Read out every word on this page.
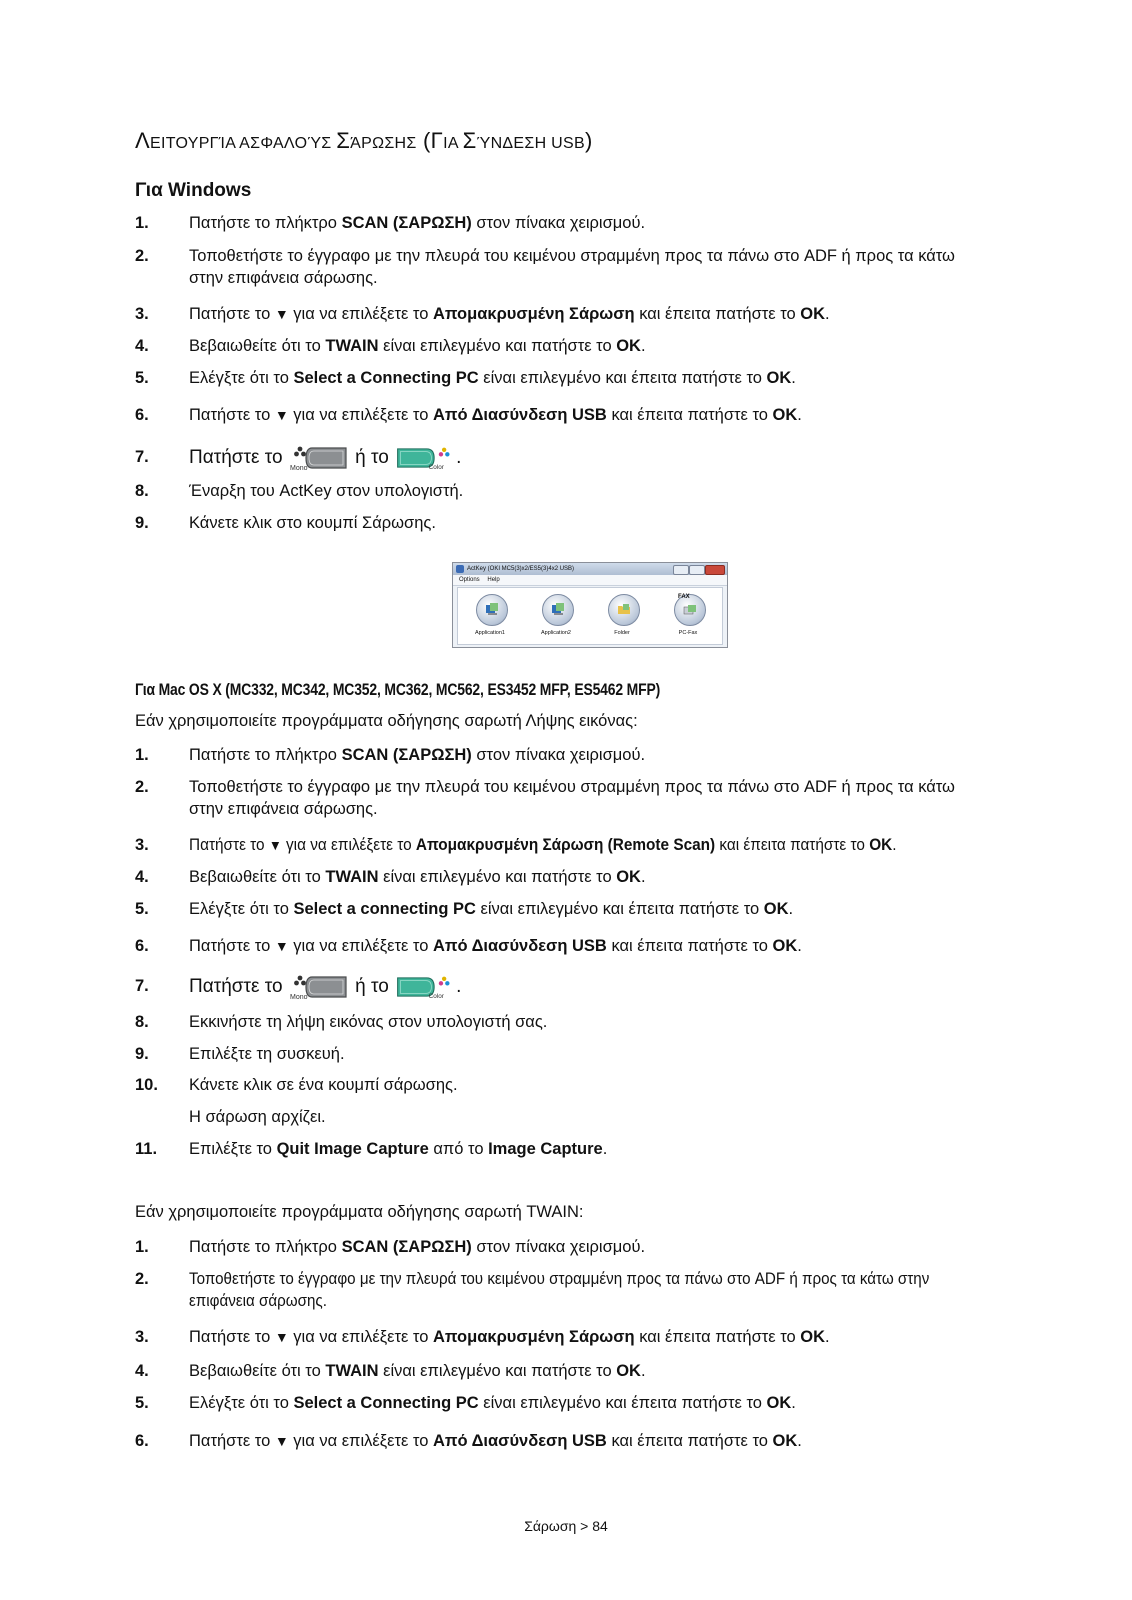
ΛΕΙΤΟΥΡΓΊΑ ΑΣΦΑΛΟΎΣ ΣΆΡΩΣΗΣ (ΓΙΑ ΣΎΝΔΕΣΗ USB)
Για Windows
1. Πατήστε το πλήκτρο SCAN (ΣΑΡΩΣΗ) στον πίνακα χειρισμού.
2. Τοποθετήστε το έγγραφο με την πλευρά του κειμένου στραμμένη προς τα πάνω στο ADF ή προς τα κάτω στην επιφάνεια σάρωσης.
3. Πατήστε το ▼ για να επιλέξετε το Απομακρυσμένη Σάρωση και έπειτα πατήστε το OK.
4. Βεβαιωθείτε ότι το TWAIN είναι επιλεγμένο και πατήστε το OK.
5. Ελέγξτε ότι το Select a Connecting PC είναι επιλεγμένο και έπειτα πατήστε το OK.
6. Πατήστε το ▼ για να επιλέξετε το Από Διασύνδεση USB και έπειτα πατήστε το OK.
7. Πατήστε το
Mono
ή το	Color .
8. Έναρξη του ActKey στον υπολογιστή.
9. Κάνετε κλικ στο κουμπί Σάρωσης.
ActKey (OKI MC5(3)x2/ES5(3)4x2 USB)
Options Help
Application1	Application2	Folder
FAX
PC-Fax
Για Mac OS X (MC332, MC342, MC352, MC362, MC562, ES3452 MFP, ES5462 MFP)
Εάν χρησιμοποιείτε προγράμματα οδήγησης σαρωτή Λήψης εικόνας:
1. Πατήστε το πλήκτρο SCAN (ΣΑΡΩΣΗ) στον πίνακα χειρισμού.
2. Τοποθετήστε το έγγραφο με την πλευρά του κειμένου στραμμένη προς τα πάνω στο ADF ή προς τα κάτω στην επιφάνεια σάρωσης.
3. Πατήστε το ▼ για να επιλέξετε το Απομακρυσμένη Σάρωση (Remote Scan) και έπειτα πατήστε το OK.
4. Βεβαιωθείτε ότι το TWAIN είναι επιλεγμένο και πατήστε το OK.
5. Ελέγξτε ότι το Select a connecting PC είναι επιλεγμένο και έπειτα πατήστε το OK.
6. Πατήστε το ▼ για να επιλέξετε το Από Διασύνδεση USB και έπειτα πατήστε το OK.
7. Πατήστε το
Mono
ή το	Color .
8. Εκκινήστε τη λήψη εικόνας στον υπολογιστή σας.
9. Επιλέξτε τη συσκευή.
10. Κάνετε κλικ σε ένα κουμπί σάρωσης.
Η σάρωση αρχίζει.
11. Επιλέξτε το Quit Image Capture από το Image Capture.
Εάν χρησιμοποιείτε προγράμματα οδήγησης σαρωτή TWAIN:
1. Πατήστε το πλήκτρο SCAN (ΣΑΡΩΣΗ) στον πίνακα χειρισμού.
2. Τοποθετήστε το έγγραφο με την πλευρά του κειμένου στραμμένη προς τα πάνω στο ADF ή προς τα κάτω στην επιφάνεια σάρωσης.
3. Πατήστε το ▼ για να επιλέξετε το Απομακρυσμένη Σάρωση και έπειτα πατήστε το OK.
4. Βεβαιωθείτε ότι το TWAIN είναι επιλεγμένο και πατήστε το OK.
5. Ελέγξτε ότι το Select a Connecting PC είναι επιλεγμένο και έπειτα πατήστε το OK.
6. Πατήστε το ▼ για να επιλέξετε το Από Διασύνδεση USB και έπειτα πατήστε το OK.
Σάρωση > 84
